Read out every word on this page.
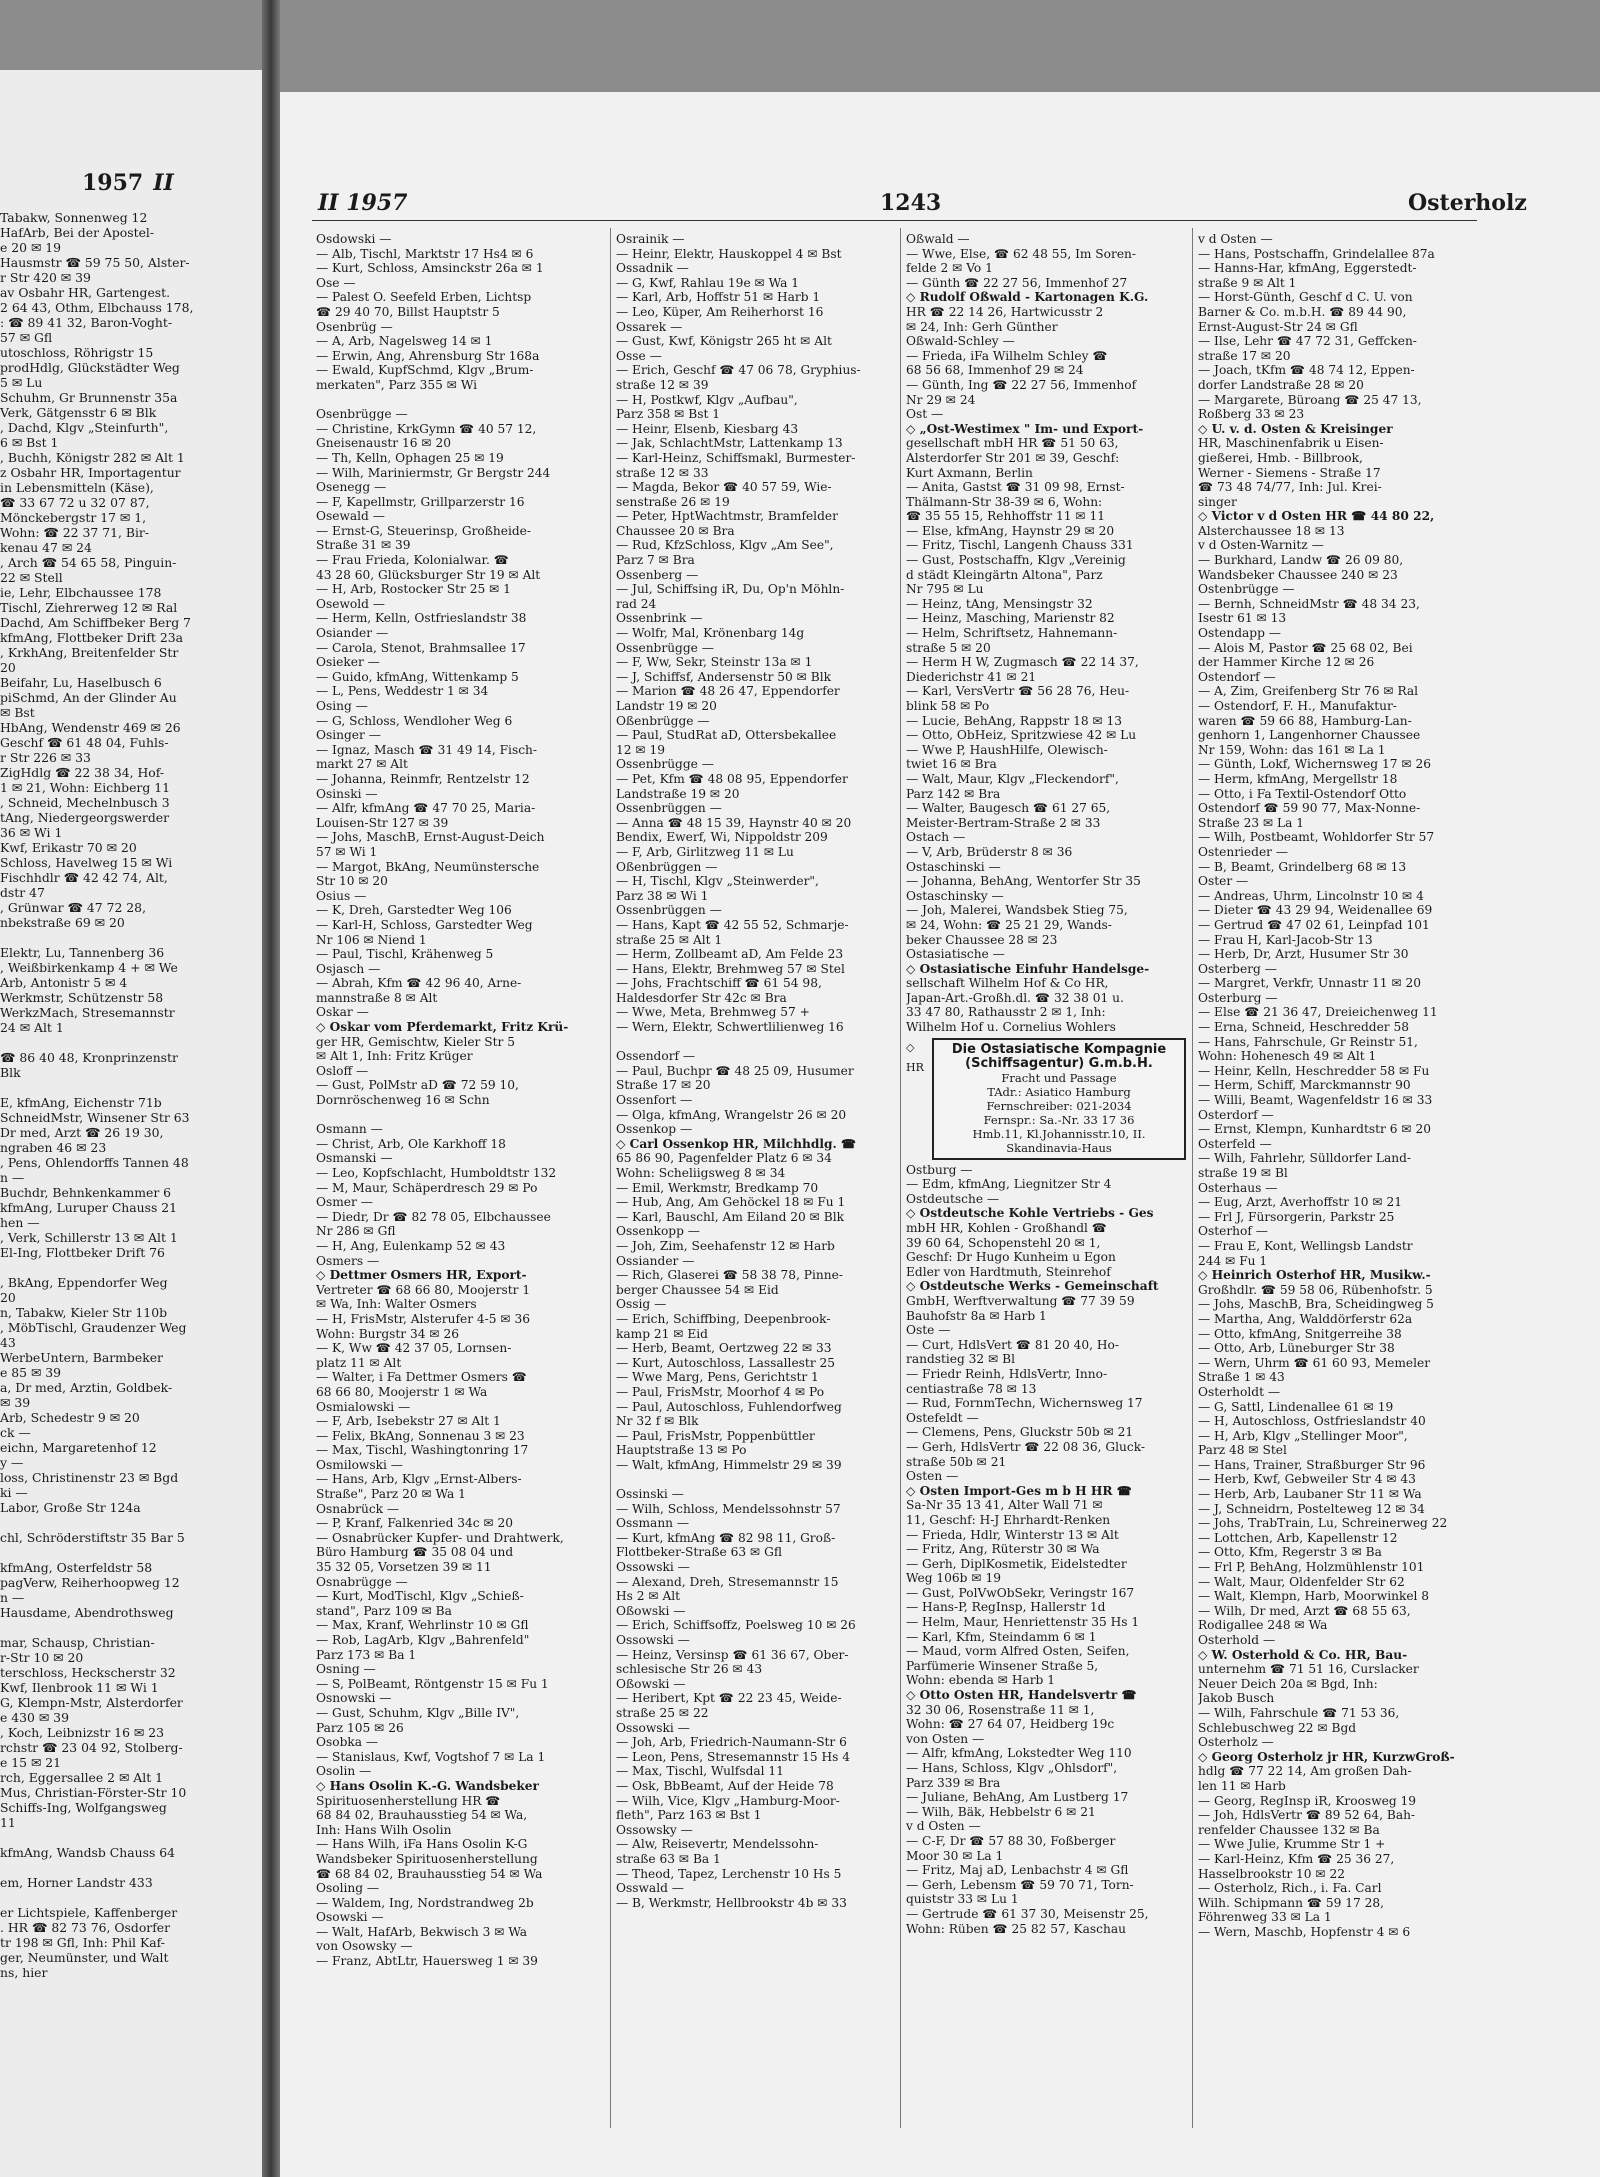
1957 II
Tabakw, Sonnenweg 12
HafArb, Bei der Apostel-
e 20 ✉ 19
Hausmstr ☎ 59 75 50, Alster-
r Str 420 ✉ 39
av Osbahr HR, Gartengest.
2 64 43, Othm, Elbchauss 178,
: ☎ 89 41 32, Baron-Voght-
57 ✉ Gfl
utoschloss, Röhrigstr 15
prodHdlg, Glückstädter Weg
5 ✉ Lu
Schuhm, Gr Brunnenstr 35a
Verk, Gätgensstr 6 ✉ Blk
, Dachd, Klgv „Steinfurth",
6 ✉ Bst 1
, Buchh, Königstr 282 ✉ Alt 1
z Osbahr HR, Importagentur
in Lebensmitteln (Käse),
☎ 33 67 72 u 32 07 87,
Mönckebergstr 17 ✉ 1,
Wohn: ☎ 22 37 71, Bir-
kenau 47 ✉ 24
, Arch ☎ 54 65 58, Pinguin-
22 ✉ Stell
ie, Lehr, Elbchaussee 178
Tischl, Ziehrerweg 12 ✉ Ral
Dachd, Am Schiffbeker Berg 7
kfmAng, Flottbeker Drift 23a
, KrkhAng, Breitenfelder Str
20
Beifahr, Lu, Haselbusch 6
piSchmd, An der Glinder Au
✉ Bst
HbAng, Wendenstr 469 ✉ 26
Geschf ☎ 61 48 04, Fuhls-
r Str 226 ✉ 33
ZigHdlg ☎ 22 38 34, Hof-
1 ✉ 21, Wohn: Eichberg 11
, Schneid, Mechelnbusch 3
tAng, Niedergeorgswerder
36 ✉ Wi 1
Kwf, Erikastr 70 ✉ 20
Schloss, Havelweg 15 ✉ Wi
Fischhdlr ☎ 42 42 74, Alt,
dstr 47
, Grünwar ☎ 47 72 28,
nbekstraße 69 ✉ 20

Elektr, Lu, Tannenberg 36
, Weißbirkenkamp 4 + ✉ We
Arb, Antonistr 5 ✉ 4
Werkmstr, Schützenstr 58
WerkzMach, Stresemannstr
24 ✉ Alt 1

☎ 86 40 48, Kronprinzenstr
Blk

E, kfmAng, Eichenstr 71b
SchneidMstr, Winsener Str 63
Dr med, Arzt ☎ 26 19 30,
ngraben 46 ✉ 23
, Pens, Ohlendorffs Tannen 48
n —
Buchdr, Behnkenkammer 6
kfmAng, Luruper Chauss 21
hen —
, Verk, Schillerstr 13 ✉ Alt 1
El-Ing, Flottbeker Drift 76

, BkAng, Eppendorfer Weg
20
n, Tabakw, Kieler Str 110b
, MöbTischl, Graudenzer Weg
43
WerbeUntern, Barmbeker
e 85 ✉ 39
a, Dr med, Arztin, Goldbek-
✉ 39
Arb, Schedestr 9 ✉ 20
ck —
eichn, Margaretenhof 12
y —
loss, Christinenstr 23 ✉ Bgd
ki —
Labor, Große Str 124a

chl, Schröderstiftstr 35 Bar 5

kfmAng, Osterfeldstr 58
pagVerw, Reiherhoopweg 12
n —
Hausdame, Abendrothsweg

mar, Schausp, Christian-
r-Str 10 ✉ 20
terschloss, Heckscherstr 32
Kwf, Ilenbrook 11 ✉ Wi 1
G, Klempn-Mstr, Alsterdorfer
e 430 ✉ 39
, Koch, Leibnizstr 16 ✉ 23
rchstr ☎ 23 04 92, Stolberg-
e 15 ✉ 21
rch, Eggersallee 2 ✉ Alt 1
Mus, Christian-Förster-Str 10
Schiffs-Ing, Wolfgangsweg
11

kfmAng, Wandsb Chauss 64

em, Horner Landstr 433

er Lichtspiele, Kaffenberger
. HR ☎ 82 73 76, Osdorfer
tr 198 ✉ Gfl, Inh: Phil Kaf-
ger, Neumünster, und Walt
ns, hier
II 1957	1243	Osterholz
Osdowski —
— Alb, Tischl, Marktstr 17 Hs4 ✉ 6
— Kurt, Schloss, Amsinckstr 26a ✉ 1
Ose —
— Palest O. Seefeld Erben, Lichtsp
☎ 29 40 70, Billst Hauptstr 5
Osenbrüg —
— A, Arb, Nagelsweg 14 ✉ 1
— Erwin, Ang, Ahrensburg Str 168a
— Ewald, KupfSchmd, Klgv „Brum-
merkaten", Parz 355 ✉ Wi

Osenbrügge —
— Christine, KrkGymn ☎ 40 57 12,
Gneisenaustr 16 ✉ 20
— Th, Kelln, Ophagen 25 ✉ 19
— Wilh, Mariniermstr, Gr Bergstr 244
Osenegg —
— F, Kapellmstr, Grillparzerstr 16
Osewald —
— Ernst-G, Steuerinsp, Großheide-
Straße 31 ✉ 39
— Frau Frieda, Kolonialwar. ☎
43 28 60, Glücksburger Str 19 ✉ Alt
— H, Arb, Rostocker Str 25 ✉ 1
Osewold —
— Herm, Kelln, Ostfrieslandstr 38
Osiander —
— Carola, Stenot, Brahmsallee 17
Osieker —
— Guido, kfmAng, Wittenkamp 5
— L, Pens, Weddestr 1 ✉ 34
Osing —
— G, Schloss, Wendloher Weg 6
Osinger —
— Ignaz, Masch ☎ 31 49 14, Fisch-
markt 27 ✉ Alt
— Johanna, Reinmfr, Rentzelstr 12
Osinski —
— Alfr, kfmAng ☎ 47 70 25, Maria-
Louisen-Str 127 ✉ 39
— Johs, MaschB, Ernst-August-Deich
57 ✉ Wi 1
— Margot, BkAng, Neumünstersche
Str 10 ✉ 20
Osius —
— K, Dreh, Garstedter Weg 106
— Karl-H, Schloss, Garstedter Weg
Nr 106 ✉ Niend 1
— Paul, Tischl, Krähenweg 5
Osjasch —
— Abrah, Kfm ☎ 42 96 40, Arne-
mannstraße 8 ✉ Alt
Oskar —
◇ Oskar vom Pferdemarkt, Fritz Krü-
ger HR, Gemischtw, Kieler Str 5
✉ Alt 1, Inh: Fritz Krüger
Osloff —
— Gust, PolMstr aD ☎ 72 59 10,
Dornröschenweg 16 ✉ Schn

Osmann —
— Christ, Arb, Ole Karkhoff 18
Osmanski —
— Leo, Kopfschlacht, Humboldtstr 132
— M, Maur, Schäperdresch 29 ✉ Po
Osmer —
— Diedr, Dr ☎ 82 78 05, Elbchaussee
Nr 286 ✉ Gfl
— H, Ang, Eulenkamp 52 ✉ 43
Osmers —
◇ Dettmer Osmers HR, Export-
Vertreter ☎ 68 66 80, Moojerstr 1
✉ Wa, Inh: Walter Osmers
— H, FrisMstr, Alsterufer 4-5 ✉ 36
Wohn: Burgstr 34 ✉ 26
— K, Ww ☎ 42 37 05, Lornsen-
platz 11 ✉ Alt
— Walter, i Fa Dettmer Osmers ☎
68 66 80, Moojerstr 1 ✉ Wa
Osmialowski —
— F, Arb, Isebekstr 27 ✉ Alt 1
— Felix, BkAng, Sonnenau 3 ✉ 23
— Max, Tischl, Washingtonring 17
Osmilowski —
— Hans, Arb, Klgv „Ernst-Albers-
Straße", Parz 20 ✉ Wa 1
Osnabrück —
— P, Kranf, Falkenried 34c ✉ 20
— Osnabrücker Kupfer- und Drahtwerk,
Büro Hamburg ☎ 35 08 04 und
35 32 05, Vorsetzen 39 ✉ 11
Osnabrügge —
— Kurt, ModTischl, Klgv „Schieß-
stand", Parz 109 ✉ Ba
— Max, Kranf, Wehrlinstr 10 ✉ Gfl
— Rob, LagArb, Klgv „Bahrenfeld"
Parz 173 ✉ Ba 1
Osning —
— S, PolBeamt, Röntgenstr 15 ✉ Fu 1
Osnowski —
— Gust, Schuhm, Klgv „Bille IV",
Parz 105 ✉ 26
Osobka —
— Stanislaus, Kwf, Vogtshof 7 ✉ La 1
Osolin —
◇ Hans Osolin K.-G. Wandsbeker
Spirituosenherstellung HR ☎
68 84 02, Brauhausstieg 54 ✉ Wa,
Inh: Hans Wilh Osolin
— Hans Wilh, iFa Hans Osolin K-G
Wandsbeker Spirituosenherstellung
☎ 68 84 02, Brauhausstieg 54 ✉ Wa
Osoling —
— Waldem, Ing, Nordstrandweg 2b
Osowski —
— Walt, HafArb, Bekwisch 3 ✉ Wa
von Osowsky —
— Franz, AbtLtr, Hauersweg 1 ✉ 39
Osrainik —
— Heinr, Elektr, Hauskoppel 4 ✉ Bst
Ossadnik —
— G, Kwf, Rahlau 19e ✉ Wa 1
— Karl, Arb, Hoffstr 51 ✉ Harb 1
— Leo, Küper, Am Reiherhorst 16
Ossarek —
— Gust, Kwf, Königstr 265 ht ✉ Alt
Osse —
— Erich, Geschf ☎ 47 06 78, Gryphius-
straße 12 ✉ 39
— H, Postkwf, Klgv „Aufbau",
Parz 358 ✉ Bst 1
— Heinr, Elsenb, Kiesbarg 43
— Jak, SchlachtMstr, Lattenkamp 13
— Karl-Heinz, Schiffsmakl, Burmester-
straße 12 ✉ 33
— Magda, Bekor ☎ 40 57 59, Wie-
senstraße 26 ✉ 19
— Peter, HptWachtmstr, Bramfelder
Chaussee 20 ✉ Bra
— Rud, KfzSchloss, Klgv „Am See",
Parz 7 ✉ Bra
Ossenberg —
— Jul, Schiffsing iR, Du, Op'n Möhln-
rad 24
Ossenbrink —
— Wolfr, Mal, Krönenbarg 14g
Ossenbrügge —
— F, Ww, Sekr, Steinstr 13a ✉ 1
— J, Schiffsf, Andersenstr 50 ✉ Blk
— Marion ☎ 48 26 47, Eppendorfer
Landstr 19 ✉ 20
Oßenbrügge —
— Paul, StudRat aD, Ottersbekallee
12 ✉ 19
Ossenbrügge —
— Pet, Kfm ☎ 48 08 95, Eppendorfer
Landstraße 19 ✉ 20
Ossenbrüggen —
— Anna ☎ 48 15 39, Haynstr 40 ✉ 20
Bendix, Ewerf, Wi, Nippoldstr 209
— F, Arb, Girlitzweg 11 ✉ Lu
Oßenbrüggen —
— H, Tischl, Klgv „Steinwerder",
Parz 38 ✉ Wi 1
Ossenbrüggen —
— Hans, Kapt ☎ 42 55 52, Schmarje-
straße 25 ✉ Alt 1
— Herm, Zollbeamt aD, Am Felde 23
— Hans, Elektr, Brehmweg 57 ✉ Stel
— Johs, Frachtschiff ☎ 61 54 98,
Haldesdorfer Str 42c ✉ Bra
— Wwe, Meta, Brehmweg 57 +
— Wern, Elektr, Schwertlilienweg 16

Ossendorf —
— Paul, Buchpr ☎ 48 25 09, Husumer
Straße 17 ✉ 20
Ossenfort —
— Olga, kfmAng, Wrangelstr 26 ✉ 20
Ossenkop —
◇ Carl Ossenkop HR, Milchhdlg. ☎
65 86 90, Pagenfelder Platz 6 ✉ 34
Wohn: Scheliigsweg 8 ✉ 34
— Emil, Werkmstr, Bredkamp 70
— Hub, Ang, Am Gehöckel 18 ✉ Fu 1
— Karl, Bauschl, Am Eiland 20 ✉ Blk
Ossenkopp —
— Joh, Zim, Seehafenstr 12 ✉ Harb
Ossiander —
— Rich, Glaserei ☎ 58 38 78, Pinne-
berger Chaussee 54 ✉ Eid
Ossig —
— Erich, Schiffbing, Deepenbrook-
kamp 21 ✉ Eid
— Herb, Beamt, Oertzweg 22 ✉ 33
— Kurt, Autoschloss, Lassallestr 25
— Wwe Marg, Pens, Gerichtstr 1
— Paul, FrisMstr, Moorhof 4 ✉ Po
— Paul, Autoschloss, Fuhlendorfweg
Nr 32 f ✉ Blk
— Paul, FrisMstr, Poppenbüttler
Hauptstraße 13 ✉ Po
— Walt, kfmAng, Himmelstr 29 ✉ 39

Ossinski —
— Wilh, Schloss, Mendelssohnstr 57
Ossmann —
— Kurt, kfmAng ☎ 82 98 11, Groß-
Flottbeker-Straße 63 ✉ Gfl
Ossowski —
— Alexand, Dreh, Stresemannstr 15
Hs 2 ✉ Alt
Oßowski —
— Erich, Schiffsoffz, Poelsweg 10 ✉ 26
Ossowski —
— Heinz, Versinsp ☎ 61 36 67, Ober-
schlesische Str 26 ✉ 43
Oßowski —
— Heribert, Kpt ☎ 22 23 45, Weide-
straße 25 ✉ 22
Ossowski —
— Joh, Arb, Friedrich-Naumann-Str 6
— Leon, Pens, Stresemannstr 15 Hs 4
— Max, Tischl, Wulfsdal 11
— Osk, BbBeamt, Auf der Heide 78
— Wilh, Vice, Klgv „Hamburg-Moor-
fleth", Parz 163 ✉ Bst 1
Ossowsky —
— Alw, Reisevertr, Mendelssohn-
straße 63 ✉ Ba 1
— Theod, Tapez, Lerchenstr 10 Hs 5
Osswald —
— B, Werkmstr, Hellbrookstr 4b ✉ 33
Oßwald —
— Wwe, Else, ☎ 62 48 55, Im Soren-
felde 2 ✉ Vo 1
— Günth ☎ 22 27 56, Immenhof 27
◇ Rudolf Oßwald - Kartonagen K.G.
HR ☎ 22 14 26, Hartwicusstr 2
✉ 24, Inh: Gerh Günther
Oßwald-Schley —
— Frieda, iFa Wilhelm Schley ☎
68 56 68, Immenhof 29 ✉ 24
— Günth, Ing ☎ 22 27 56, Immenhof
Nr 29 ✉ 24
Ost —
◇ „Ost-Westimex " Im- und Export-
gesellschaft mbH HR ☎ 51 50 63,
Alsterdorfer Str 201 ✉ 39, Geschf:
Kurt Axmann, Berlin
— Anita, Gastst ☎ 31 09 98, Ernst-
Thälmann-Str 38-39 ✉ 6, Wohn:
☎ 35 55 15, Rehhoffstr 11 ✉ 11
— Else, kfmAng, Haynstr 29 ✉ 20
— Fritz, Tischl, Langenh Chauss 331
— Gust, Postschaffn, Klgv „Vereinig
d städt Kleingärtn Altona", Parz
Nr 795 ✉ Lu
— Heinz, tAng, Mensingstr 32
— Heinz, Masching, Marienstr 82
— Helm, Schriftsetz, Hahnemann-
straße 5 ✉ 20
— Herm H W, Zugmasch ☎ 22 14 37,
Diederichstr 41 ✉ 21
— Karl, VersVertr ☎ 56 28 76, Heu-
blink 58 ✉ Po
— Lucie, BehAng, Rappstr 18 ✉ 13
— Otto, ObHeiz, Spritzwiese 42 ✉ Lu
— Wwe P, HaushHilfe, Olewisch-
twiet 16 ✉ Bra
— Walt, Maur, Klgv „Fleckendorf",
Parz 142 ✉ Bra
— Walter, Baugesch ☎ 61 27 65,
Meister-Bertram-Straße 2 ✉ 33
Ostach —
— V, Arb, Brüderstr 8 ✉ 36
Ostaschinski —
— Johanna, BehAng, Wentorfer Str 35
Ostaschinsky —
— Joh, Malerei, Wandsbek Stieg 75,
✉ 24, Wohn: ☎ 25 21 29, Wands-
beker Chaussee 28 ✉ 23
Ostasiatische —
◇ Ostasiatische Einfuhr Handelsge-
sellschaft Wilhelm Hof & Co HR,
Japan-Art.-Großh.dl. ☎ 32 38 01 u.
33 47 80, Rathausstr 2 ✉ 1, Inh:
Wilhelm Hof u. Cornelius Wohlers
◇
HR
Die Ostasiatische Kompagnie
(Schiffsagentur) G.m.b.H.
Fracht und Passage
TAdr.: Asiatico Hamburg
Fernschreiber: 021-2034
Fernspr.: Sa.-Nr. 33 17 36
Hmb.11, Kl.Johannisstr.10, II.
Skandinavia-Haus
Ostburg —
— Edm, kfmAng, Liegnitzer Str 4
Ostdeutsche —
◇ Ostdeutsche Kohle Vertriebs - Ges
mbH HR, Kohlen - Großhandl ☎
39 60 64, Schopenstehl 20 ✉ 1,
Geschf: Dr Hugo Kunheim u Egon
Edler von Hardtmuth, Steinrehof
◇ Ostdeutsche Werks - Gemeinschaft
GmbH, Werftverwaltung ☎ 77 39 59
Bauhofstr 8a ✉ Harb 1
Oste —
— Curt, HdlsVert ☎ 81 20 40, Ho-
randstieg 32 ✉ Bl
— Friedr Reinh, HdlsVertr, Inno-
centiastraße 78 ✉ 13
— Rud, FornmTechn, Wichernsweg 17
Ostefeldt —
— Clemens, Pens, Gluckstr 50b ✉ 21
— Gerh, HdlsVertr ☎ 22 08 36, Gluck-
straße 50b ✉ 21
Osten —
◇ Osten Import-Ges m b H HR ☎
Sa-Nr 35 13 41, Alter Wall 71 ✉
11, Geschf: H-J Ehrhardt-Renken
— Frieda, Hdlr, Winterstr 13 ✉ Alt
— Fritz, Ang, Rüterstr 30 ✉ Wa
— Gerh, DiplKosmetik, Eidelstedter
Weg 106b ✉ 19
— Gust, PolVwObSekr, Veringstr 167
— Hans-P, RegInsp, Hallerstr 1d
— Helm, Maur, Henriettenstr 35 Hs 1
— Karl, Kfm, Steindamm 6 ✉ 1
— Maud, vorm Alfred Osten, Seifen,
Parfümerie Winsener Straße 5,
Wohn: ebenda ✉ Harb 1
◇ Otto Osten HR, Handelsvertr ☎
32 30 06, Rosenstraße 11 ✉ 1,
Wohn: ☎ 27 64 07, Heidberg 19c
von Osten —
— Alfr, kfmAng, Lokstedter Weg 110
— Hans, Schloss, Klgv „Ohlsdorf",
Parz 339 ✉ Bra
— Juliane, BehAng, Am Lustberg 17
— Wilh, Bäk, Hebbelstr 6 ✉ 21
v d Osten —
— C-F, Dr ☎ 57 88 30, Foßberger
Moor 30 ✉ La 1
— Fritz, Maj aD, Lenbachstr 4 ✉ Gfl
— Gerh, Lebensm ☎ 59 70 71, Torn-
quiststr 33 ✉ Lu 1
— Gertrude ☎ 61 37 30, Meisenstr 25,
Wohn: Rüben ☎ 25 82 57, Kaschau
v d Osten —
— Hans, Postschaffn, Grindelallee 87a
— Hanns-Har, kfmAng, Eggerstedt-
straße 9 ✉ Alt 1
— Horst-Günth, Geschf d C. U. von
Barner & Co. m.b.H. ☎ 89 44 90,
Ernst-August-Str 24 ✉ Gfl
— Ilse, Lehr ☎ 47 72 31, Geffcken-
straße 17 ✉ 20
— Joach, tKfm ☎ 48 74 12, Eppen-
dorfer Landstraße 28 ✉ 20
— Margarete, Büroang ☎ 25 47 13,
Roßberg 33 ✉ 23
◇ U. v. d. Osten & Kreisinger
HR, Maschinenfabrik u Eisen-
gießerei, Hmb. - Billbrook,
Werner - Siemens - Straße 17
☎ 73 48 74/77, Inh: Jul. Krei-
singer
◇ Victor v d Osten HR ☎ 44 80 22,
Alsterchaussee 18 ✉ 13
v d Osten-Warnitz —
— Burkhard, Landw ☎ 26 09 80,
Wandsbeker Chaussee 240 ✉ 23
Ostenbrügge —
— Bernh, SchneidMstr ☎ 48 34 23,
Isestr 61 ✉ 13
Ostendapp —
— Alois M, Pastor ☎ 25 68 02, Bei
der Hammer Kirche 12 ✉ 26
Ostendorf —
— A, Zim, Greifenberg Str 76 ✉ Ral
— Ostendorf, F. H., Manufaktur-
waren ☎ 59 66 88, Hamburg-Lan-
genhorn 1, Langenhorner Chaussee
Nr 159, Wohn: das 161 ✉ La 1
— Günth, Lokf, Wichernsweg 17 ✉ 26
— Herm, kfmAng, Mergellstr 18
— Otto, i Fa Textil-Ostendorf Otto
Ostendorf ☎ 59 90 77, Max-Nonne-
Straße 23 ✉ La 1
— Wilh, Postbeamt, Wohldorfer Str 57
Ostenrieder —
— B, Beamt, Grindelberg 68 ✉ 13
Oster —
— Andreas, Uhrm, Lincolnstr 10 ✉ 4
— Dieter ☎ 43 29 94, Weidenallee 69
— Gertrud ☎ 47 02 61, Leinpfad 101
— Frau H, Karl-Jacob-Str 13
— Herb, Dr, Arzt, Husumer Str 30
Osterberg —
— Margret, Verkfr, Unnastr 11 ✉ 20
Osterburg —
— Else ☎ 21 36 47, Dreieichenweg 11
— Erna, Schneid, Heschredder 58
— Hans, Fahrschule, Gr Reinstr 51,
Wohn: Hohenesch 49 ✉ Alt 1
— Heinr, Kelln, Heschredder 58 ✉ Fu
— Herm, Schiff, Marckmannstr 90
— Willi, Beamt, Wagenfeldstr 16 ✉ 33
Osterdorf —
— Ernst, Klempn, Kunhardtstr 6 ✉ 20
Osterfeld —
— Wilh, Fahrlehr, Sülldorfer Land-
straße 19 ✉ Bl
Osterhaus —
— Eug, Arzt, Averhoffstr 10 ✉ 21
— Frl J, Fürsorgerin, Parkstr 25
Osterhof —
— Frau E, Kont, Wellingsb Landstr
244 ✉ Fu 1
◇ Heinrich Osterhof HR, Musikw.-
Großhdlr. ☎ 59 58 06, Rübenhofstr. 5
— Johs, MaschB, Bra, Scheidingweg 5
— Martha, Ang, Walddörferstr 62a
— Otto, kfmAng, Snitgerreihe 38
— Otto, Arb, Lüneburger Str 38
— Wern, Uhrm ☎ 61 60 93, Memeler
Straße 1 ✉ 43
Osterholdt —
— G, Sattl, Lindenallee 61 ✉ 19
— H, Autoschloss, Ostfrieslandstr 40
— H, Arb, Klgv „Stellinger Moor",
Parz 48 ✉ Stel
— Hans, Trainer, Straßburger Str 96
— Herb, Kwf, Gebweiler Str 4 ✉ 43
— Herb, Arb, Laubaner Str 11 ✉ Wa
— J, Schneidrn, Postelteweg 12 ✉ 34
— Johs, TrabTrain, Lu, Schreinerweg 22
— Lottchen, Arb, Kapellenstr 12
— Otto, Kfm, Regerstr 3 ✉ Ba
— Frl P, BehAng, Holzmühlenstr 101
— Walt, Maur, Oldenfelder Str 62
— Walt, Klempn, Harb, Moorwinkel 8
— Wilh, Dr med, Arzt ☎ 68 55 63,
Rodigallee 248 ✉ Wa
Osterhold —
◇ W. Osterhold & Co. HR, Bau-
unternehm ☎ 71 51 16, Curslacker
Neuer Deich 20a ✉ Bgd, Inh:
Jakob Busch
— Wilh, Fahrschule ☎ 71 53 36,
Schlebuschweg 22 ✉ Bgd
Osterholz —
◇ Georg Osterholz jr HR, KurzwGroß-
hdlg ☎ 77 22 14, Am großen Dah-
len 11 ✉ Harb
— Georg, RegInsp iR, Kroosweg 19
— Joh, HdlsVertr ☎ 89 52 64, Bah-
renfelder Chaussee 132 ✉ Ba
— Wwe Julie, Krumme Str 1 +
— Karl-Heinz, Kfm ☎ 25 36 27,
Hasselbrookstr 10 ✉ 22
— Osterholz, Rich., i. Fa. Carl
Wilh. Schipmann ☎ 59 17 28,
Föhrenweg 33 ✉ La 1
— Wern, Maschb, Hopfenstr 4 ✉ 6
